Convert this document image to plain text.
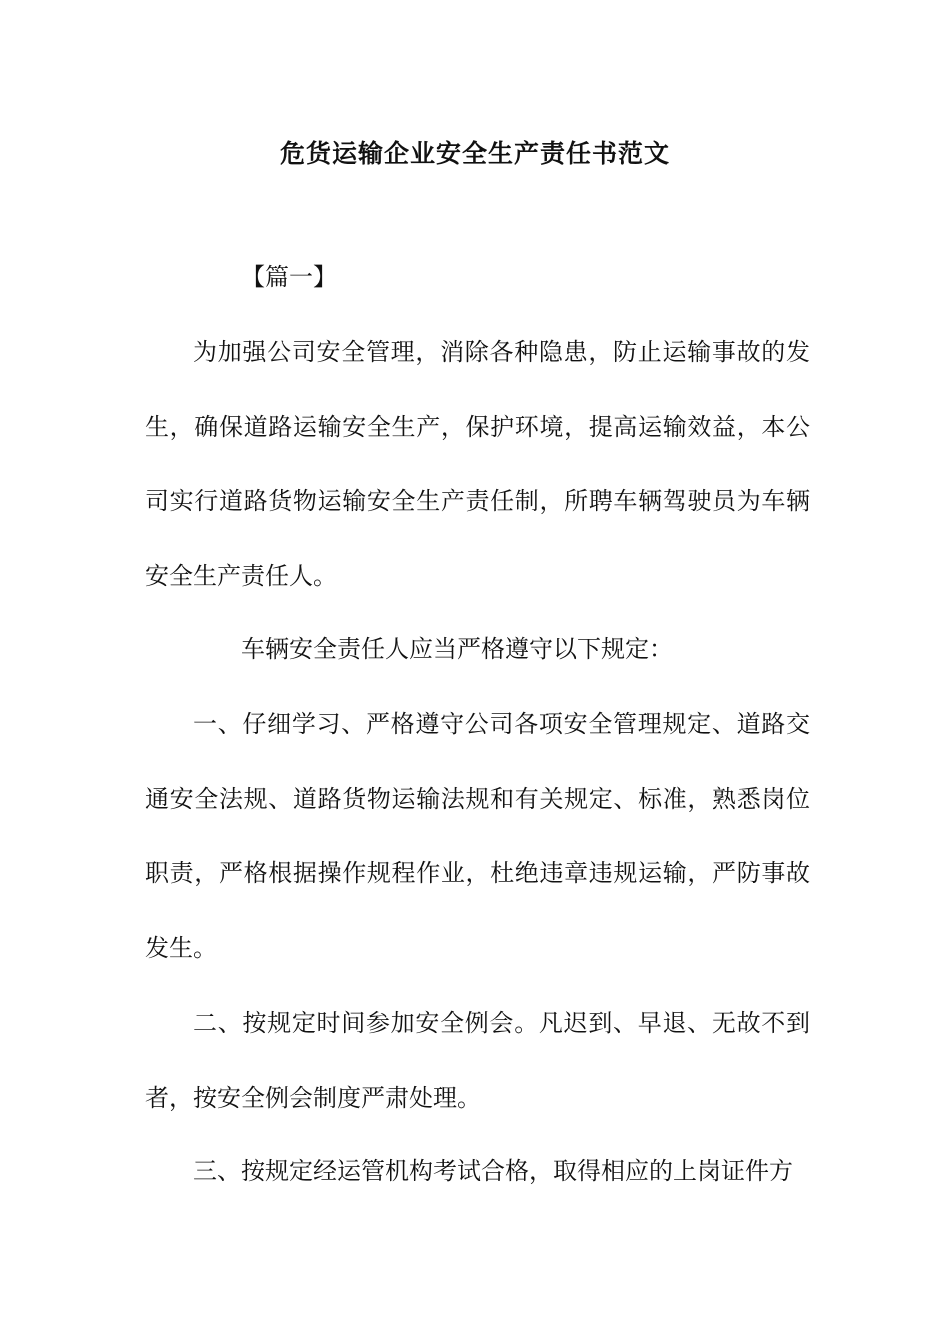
危货运输企业安全生产责任书范文

【篇一】

为加强公司安全管理，消除各种隐患，防止运输事故的发生，确保道路运输安全生产，保护环境，提高运输效益，本公司实行道路货物运输安全生产责任制，所聘车辆驾驶员为车辆安全生产责任人。

车辆安全责任人应当严格遵守以下规定：

一、仔细学习、严格遵守公司各项安全管理规定、道路交通安全法规、道路货物运输法规和有关规定、标准，熟悉岗位职责，严格根据操作规程作业，杜绝违章违规运输，严防事故发生。

二、按规定时间参加安全例会。凡迟到、早退、无故不到者，按安全例会制度严肃处理。

三、按规定经运管机构考试合格，取得相应的上岗证件方
